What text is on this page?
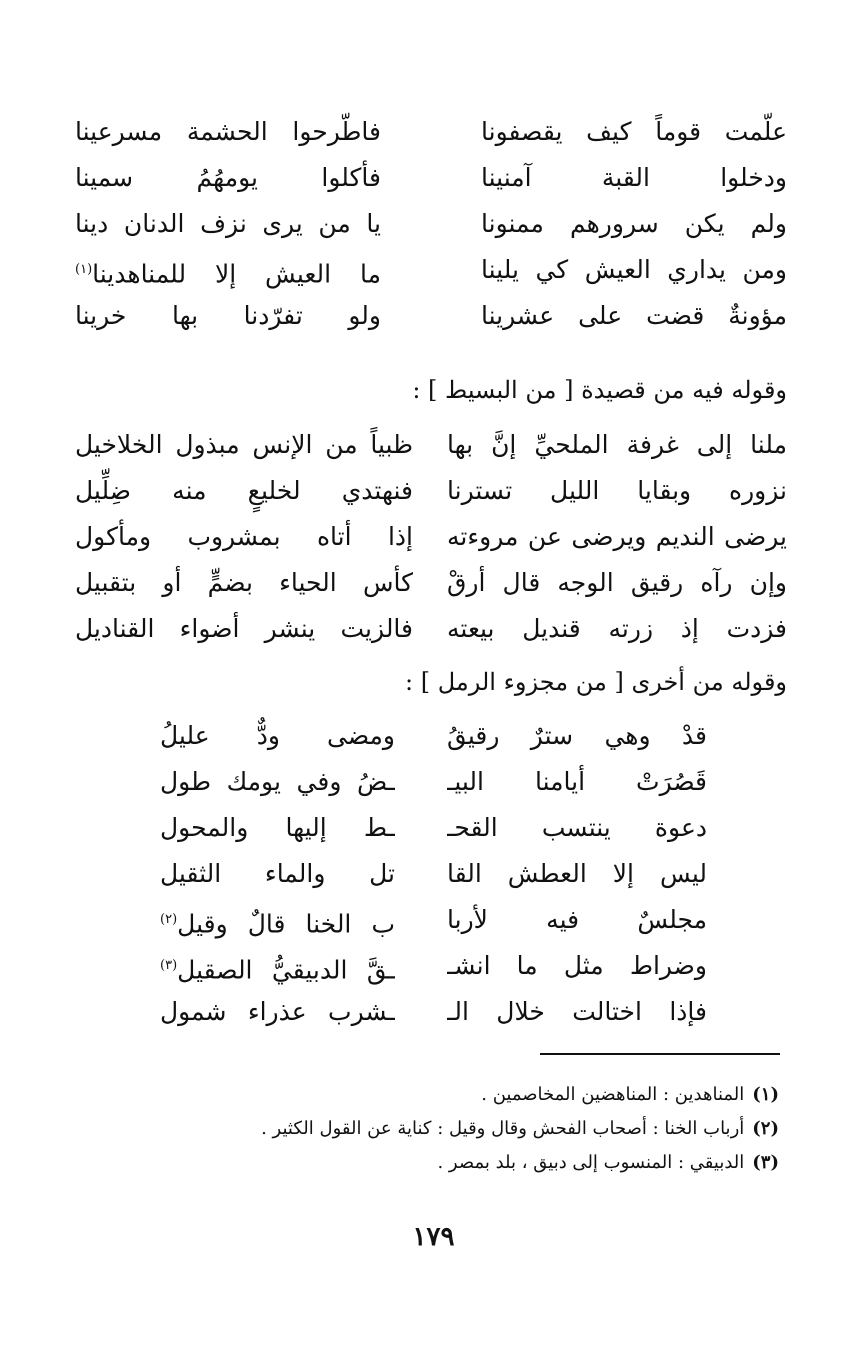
علّمت قوماً كيف يقصفونا
فاطّرحوا الحشمة مسرعينا
ودخلوا القبة آمنينا
فأكلوا يومهُمُ سمينا
ولم يكن سرورهم ممنونا
يا من يرى نزف الدنان دينا
ومن يداري العيش كي يلينا
ما العيش إلا للمناهدينا$^{(١)}$
مؤونةٌ قضت على عشرينا
ولو تفرّدنا بها خرينا
وقوله فيه من قصيدة [ من البسيط ] :
ملنا إلى غرفة الملحيِّ إنَّ بها
ظبياً من الإنس مبذول الخلاخيل
نزوره وبقايا الليل تسترنا
فنهتدي لخليعٍ منه ضِلِّيل
يرضى النديم ويرضى عن مروءته
إذا أتاه بمشروب ومأكول
وإن رآه رقيق الوجه قال أرقْ
كأس الحياء بضمٍّ أو بتقبيل
فزدت إذ زرته قنديل بيعته
فالزيت ينشر أضواء القناديل
وقوله من أخرى [ من مجزوء الرمل ] :
قدْ وهي سترٌ رقيقُ
ومضى ودٌّ عليلُ
قَصُرَتْ أيامنا البيـ
ـضُ وفي يومك طول
دعوة ينتسب القحـ
ـط إليها والمحول
ليس إلا العطش القا
تل والماء الثقيل
مجلسٌ فيه لأربا
ب الخنا قالٌ وقيل$^{(٢)}$
وضراط مثل ما انشـ
ـقَّ الدبيقيُّ الصقيل$^{(٣)}$
فإذا اختالت خلال الـ
ـشرب عذراء شمول
(١)المناهدين : المناهضين المخاصمين .
(٢)أرباب الخنا : أصحاب الفحش وقال وقيل : كناية عن القول الكثير .
(٣)الدبيقي : المنسوب إلى دبيق ، بلد بمصر .
١٧٩
